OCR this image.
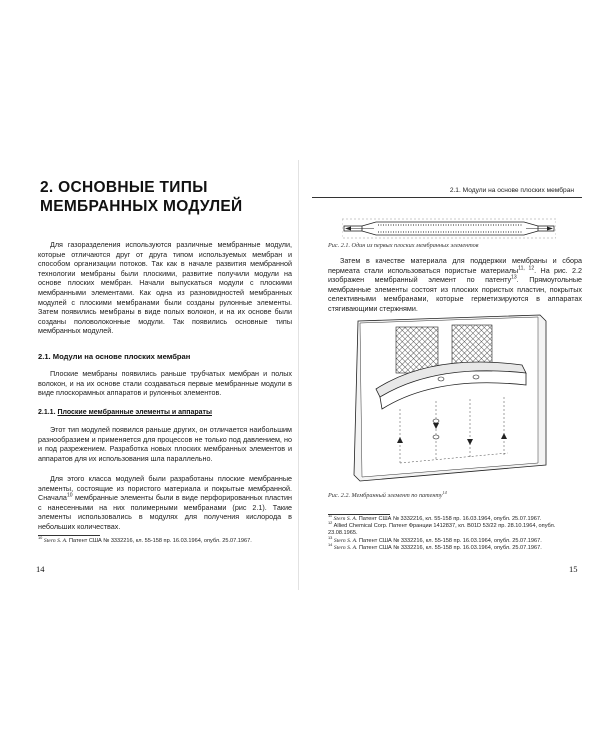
2. ОСНОВНЫЕ ТИПЫ
МЕМБРАННЫХ МОДУЛЕЙ

Для газоразделения используются различные мембранные модули, которые отличаются друг от друга типом используемых мембран и способом организации потоков. Так как в начале развития мембранной технологии мембраны были плоскими, развитие получили модули на основе плоских мембран. Начали выпускаться модули с плоскими мембранными элементами. Как одна из разновидностей мембранных модулей с плоскими мембранами были созданы рулонные элементы. Затем появились мембраны в виде полых волокон, и на их основе были созданы половолоконные модули. Так появились основные типы мембранных модулей.

2.1. Модули на основе плоских мембран

Плоские мембраны появились раньше трубчатых мембран и полых волокон, и на их основе стали создаваться первые мембранные модули в виде плоскорамных аппаратов и рулонных элементов.

2.1.1. Плоские мембранные элементы и аппараты

Этот тип модулей появился раньше других, он отличается наибольшим разнообразием и применяется для процессов не только под давлением, но и под разрежением. Разработка новых плоских мембранных элементов и аппаратов для их использования шла параллельно.

Для этого класса модулей были разработаны плоские мембранные элементы, состоящие из пористого материала и покрытые мембранной. Сначала$^{10}$ мембранные элементы были в виде перфорированных пластин с нанесенными на них полимерными мембранами (рис 2.1). Такие элементы использовались в модулях для получения кислорода в небольших количествах.

$^{10}$ Stern S. A. Патент США № 3332216, кл. 55-158 пр. 16.03.1964, опубл. 25.07.1967.

14
2.1. Модули на основе плоских мембран
Рис. 2.1. Один из первых плоских мембранных элементов

Затем в качестве материала для поддержки мембраны и сбора пермеата стали использоваться пористые материалы$^{11, 12}$. На рис. 2.2 изображен мембранный элемент по патенту$^{13}$. Прямоугольные мембранные элементы состоят из плоских пористых пластин, покрытых селективными мембранами, которые герметизируются в аппаратах стягивающими стержнями.

Рис. 2.2. Мембранный элемент по патенту$^{14}$

$^{11}$ Stern S. A. Патент США № 3332216, кл. 55-158 пр. 16.03.1964, опубл. 25.07.1967.

$^{12}$ Allied Chemical Corp. Патент Франции 1412837, кл. B01D 53/22 пр. 28.10.1964, опубл. 23.08.1965.

$^{13}$ Stern S. A. Патент США № 3332216, кл. 55-158 пр. 16.03.1964, опубл. 25.07.1967.

$^{14}$ Stern S. A. Патент США № 3332216, кл. 55-158 пр. 16.03.1964, опубл. 25.07.1967.

15
